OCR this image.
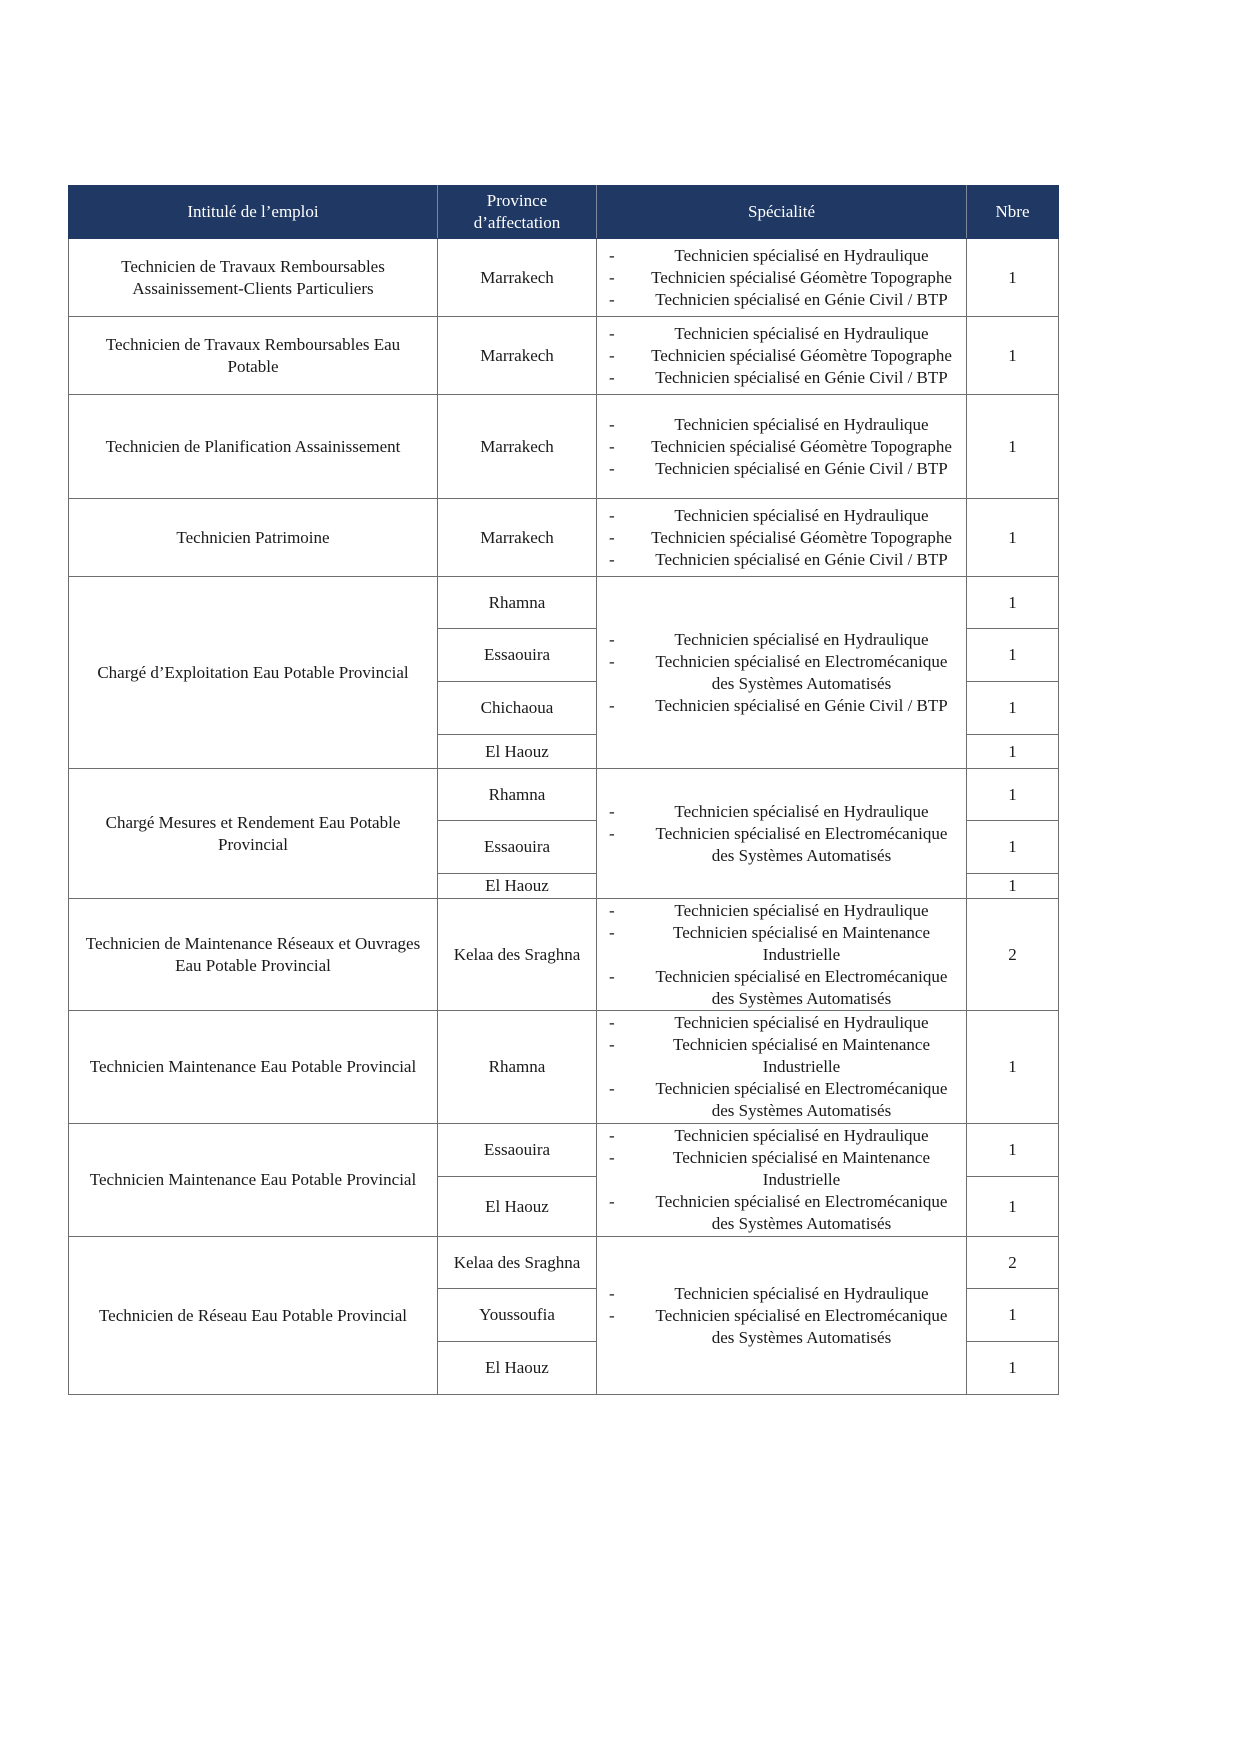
Intitulé de l’emploi	Province d’affectation	Spécialité	Nbre
Technicien de Travaux Remboursables Assainissement-Clients Particuliers	Marrakech	
- Technicien spécialisé en Hydraulique
- Technicien spécialisé Géomètre Topographe
- Technicien spécialisé en Génie Civil / BTP
	1
Technicien de Travaux Remboursables Eau Potable	Marrakech	
- Technicien spécialisé en Hydraulique
- Technicien spécialisé Géomètre Topographe
- Technicien spécialisé en Génie Civil / BTP
	1
Technicien de Planification Assainissement	Marrakech	
- Technicien spécialisé en Hydraulique
- Technicien spécialisé Géomètre Topographe
- Technicien spécialisé en Génie Civil / BTP
	1
Technicien Patrimoine	Marrakech	
- Technicien spécialisé en Hydraulique
- Technicien spécialisé Géomètre Topographe
- Technicien spécialisé en Génie Civil / BTP
	1
Chargé d’Exploitation Eau Potable Provincial	Rhamna	
- Technicien spécialisé en Hydraulique
- Technicien spécialisé en Electromécanique des Systèmes Automatisés
- Technicien spécialisé en Génie Civil / BTP
	1
	Essaouira		1
	Chichaoua		1
	El Haouz		1
Chargé Mesures et Rendement Eau Potable Provincial	Rhamna	
- Technicien spécialisé en Hydraulique
- Technicien spécialisé en Electromécanique des Systèmes Automatisés
	1
	Essaouira		1
	El Haouz		1
Technicien de Maintenance Réseaux et Ouvrages Eau Potable Provincial	Kelaa des Sraghna	
- Technicien spécialisé en Hydraulique
- Technicien spécialisé en Maintenance Industrielle
- Technicien spécialisé en Electromécanique des Systèmes Automatisés
	2
Technicien Maintenance Eau Potable Provincial	Rhamna	
- Technicien spécialisé en Hydraulique
- Technicien spécialisé en Maintenance Industrielle
- Technicien spécialisé en Electromécanique des Systèmes Automatisés
	1
Technicien Maintenance Eau Potable Provincial	Essaouira	
- Technicien spécialisé en Hydraulique
- Technicien spécialisé en Maintenance Industrielle
- Technicien spécialisé en Electromécanique des Systèmes Automatisés
	1
	El Haouz		1
Technicien de Réseau Eau Potable Provincial	Kelaa des Sraghna	
- Technicien spécialisé en Hydraulique
- Technicien spécialisé en Electromécanique des Systèmes Automatisés
	2
	Youssoufia		1
	El Haouz		1
